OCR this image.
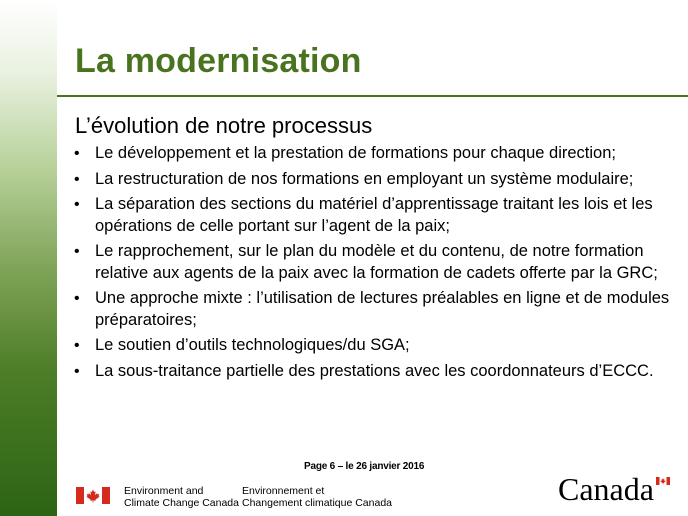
La modernisation
L’évolution de notre processus
• Le développement et la prestation de formations pour chaque direction;
• La restructuration de nos formations en employant un système modulaire;
• La séparation des sections du matériel d’apprentissage traitant les lois et les opérations de celle portant sur l’agent de la paix;
• Le rapprochement, sur le plan du modèle et du contenu, de notre formation relative aux agents de la paix avec la formation de cadets offerte par la GRC;
• Une approche mixte : l’utilisation de lectures préalables en ligne et de modules préparatoires;
• Le soutien d’outils technologiques/du SGA;
• La sous-traitance partielle des prestations avec les coordonnateurs d’ECCC.
Page 6 – le 26 janvier 2016
Environment and
Climate Change Canada
Environnement et
Changement climatique Canada	Canada
